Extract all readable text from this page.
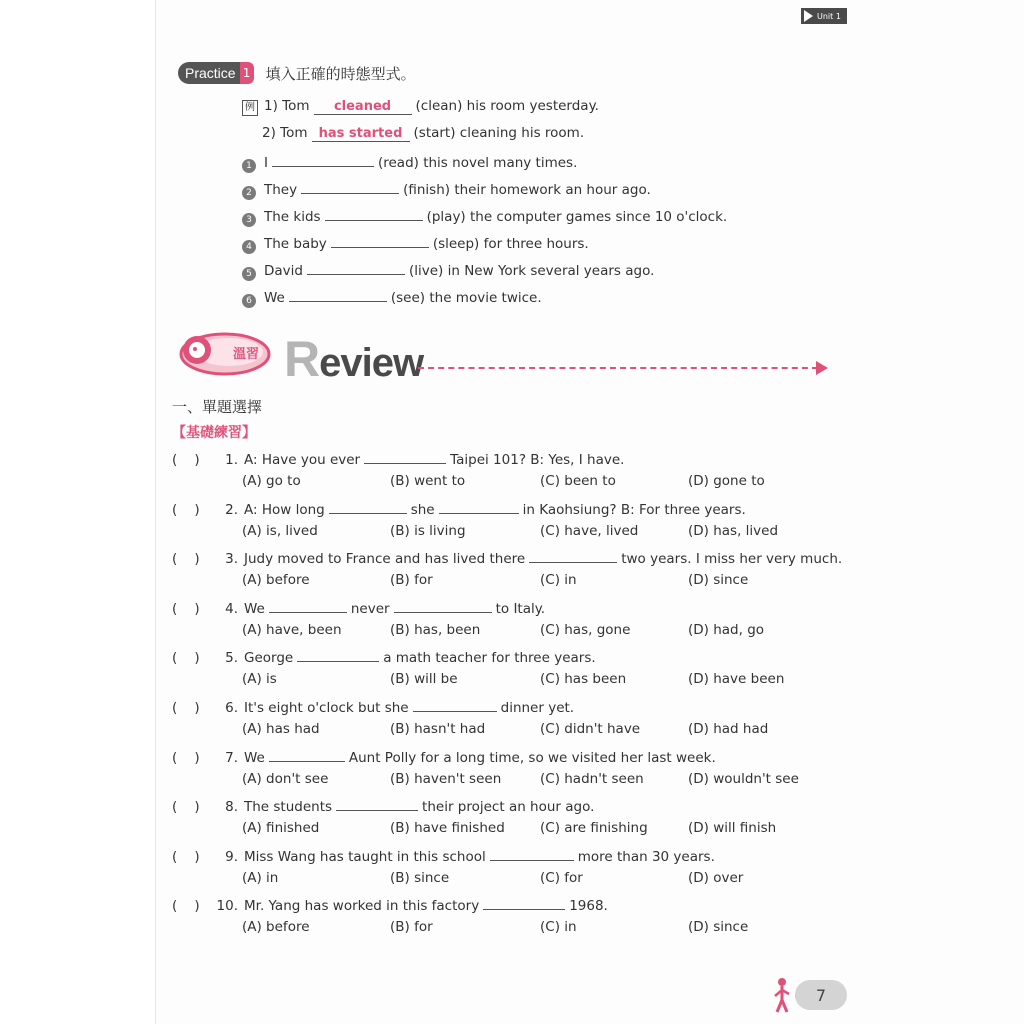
Unit 1
Practice 1 填入正確的時態型式。
例 1) Tom	cleaned	(clean) his room yesterday.
2) Tom has started (start) cleaning his room.
1 I	(read) this novel many times.
2 They	(finish) their homework an hour ago.
3 The kids	(play) the computer games since 10 o'clock.
4 The baby	(sleep) for three hours.
5 David	(live) in New York several years ago.
6 We	(see) the movie twice.
溫習 Review
一、單題選擇
【基礎練習】
(    )	1. A: Have you ever	Taipei 101? B: Yes, I have.
(A) go to	(B) went to	(C) been to	(D) gone to
(    )	2. A: How long	she	in Kaohsiung? B: For three years.
(A) is, lived	(B) is living	(C) have, lived	(D) has, lived
(    )	3. Judy moved to France and has lived there	two years. I miss her very much.
(A) before	(B) for	(C) in	(D) since
(    )	4. We	never	to Italy.
(A) have, been	(B) has, been	(C) has, gone	(D) had, go
(    )	5. George	a math teacher for three years.
(A) is	(B) will be	(C) has been	(D) have been
(    )	6. It's eight o'clock but she	dinner yet.
(A) has had	(B) hasn't had	(C) didn't have	(D) had had
(    )	7. We	Aunt Polly for a long time, so we visited her last week.
(A) don't see	(B) haven't seen	(C) hadn't seen	(D) wouldn't see
(    )	8. The students	their project an hour ago.
(A) finished	(B) have finished	(C) are finishing	(D) will finish
(    )	9. Miss Wang has taught in this school	more than 30 years.
(A) in	(B) since	(C) for	(D) over
(    )	10. Mr. Yang has worked in this factory	1968.
(A) before	(B) for	(C) in	(D) since
7
